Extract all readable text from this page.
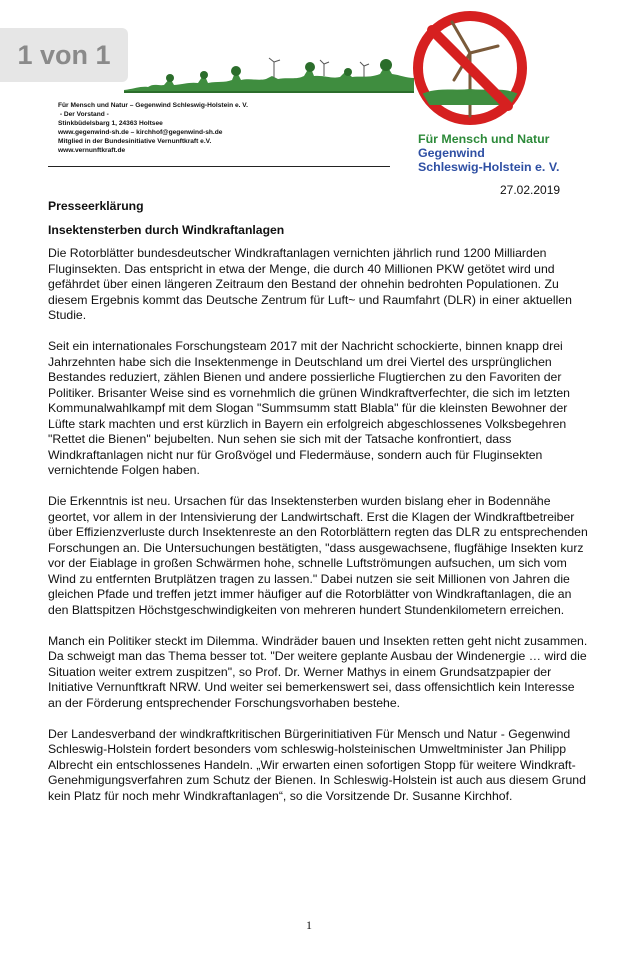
1 von 1
Für Mensch und Natur – Gegenwind Schleswig-Holstein e. V.
- Der Vorstand -
Stinkbüdelsbarg 1, 24363 Holtsee
www.gegenwind-sh.de – kirchhof@gegenwind-sh.de
Mitglied in der Bundesinitiative Vernunftkraft e.V.
www.vernunftkraft.de
Für Mensch und Natur
Gegenwind
Schleswig-Holstein e. V.
27.02.2019
Presseerklärung
Insektensterben durch Windkraftanlagen

Die Rotorblätter bundesdeutscher Windkraftanlagen vernichten jährlich rund 1200 Milliarden Fluginsekten. Das entspricht in etwa der Menge, die durch 40 Millionen PKW getötet wird und gefährdet über einen längeren Zeitraum den Bestand der ohnehin bedrohten Populationen. Zu diesem Ergebnis kommt das Deutsche Zentrum für Luft~ und Raumfahrt (DLR) in einer aktuellen Studie.

Seit ein internationales Forschungsteam 2017 mit der Nachricht schockierte, binnen knapp drei Jahrzehnten habe sich die Insektenmenge in Deutschland um drei Viertel des ursprünglichen Bestandes reduziert, zählen Bienen und andere possierliche Flugtierchen zu den Favoriten der Politiker. Brisanter Weise sind es vornehmlich die grünen Windkraftverfechter, die sich im letzten Kommunalwahlkampf mit dem Slogan "Summsumm statt Blabla" für die kleinsten Bewohner der Lüfte stark machten und erst kürzlich in Bayern ein erfolgreich abgeschlossenes Volksbegehren "Rettet die Bienen" bejubelten. Nun sehen sie sich mit der Tatsache konfrontiert, dass Windkraftanlagen nicht nur für Großvögel und Fledermäuse, sondern auch für Fluginsekten vernichtende Folgen haben.

Die Erkenntnis ist neu. Ursachen für das Insektensterben wurden bislang eher in Bodennähe geortet, vor allem in der Intensivierung der Landwirtschaft. Erst die Klagen der Windkraftbetreiber über Effizienzverluste durch Insektenreste an den Rotorblättern regten das DLR zu entsprechenden Forschungen an. Die Untersuchungen bestätigten, "dass ausgewachsene, flugfähige Insekten kurz vor der Eiablage in großen Schwärmen hohe, schnelle Luftströmungen aufsuchen, um sich vom Wind zu entfernten Brutplätzen tragen zu lassen." Dabei nutzen sie seit Millionen von Jahren die gleichen Pfade und treffen jetzt immer häufiger auf die Rotorblätter von Windkraftanlagen, die an den Blattspitzen Höchstgeschwindigkeiten von mehreren hundert Stundenkilometern erreichen.

Manch ein Politiker steckt im Dilemma. Windräder bauen und Insekten retten geht nicht zusammen. Da schweigt man das Thema besser tot. "Der weitere geplante Ausbau der Windenergie … wird die Situation weiter extrem zuspitzen", so Prof. Dr. Werner Mathys in einem Grundsatzpapier der Initiative Vernunftkraft NRW. Und weiter sei bemerkenswert sei, dass offensichtlich kein Interesse an der Förderung entsprechender Forschungsvorhaben bestehe.

Der Landesverband der windkraftkritischen Bürgerinitiativen Für Mensch und Natur - Gegenwind Schleswig-Holstein fordert besonders vom schleswig-holsteinischen Umweltminister Jan Philipp Albrecht ein entschlossenes Handeln. „Wir erwarten einen sofortigen Stopp für weitere Windkraft-Genehmigungsverfahren zum Schutz der Bienen. In Schleswig-Holstein ist auch aus diesem Grund kein Platz für noch mehr Windkraftanlagen“, so die Vorsitzende Dr. Susanne Kirchhof.

1
